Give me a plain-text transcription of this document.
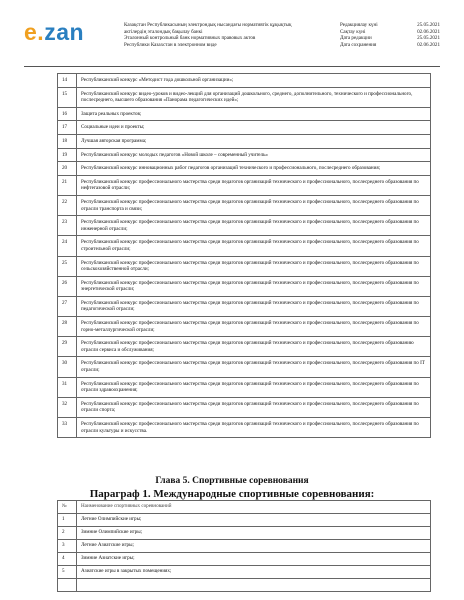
e.zan	Казақстан Республикасының электрондық нысандағы нормативтік құқықтық
актілердің эталондық бақылау банкі
Эталонный контрольный банк нормативных правовых актов
Республики Казахстан в электронном виде
Редакциялау күні	25.05.2021
Сақтау күні	02.06.2021
Дата редакции	25.05.2021
Дата сохранения	02.06.2021
14	Республиканский конкурс «Методист года дошкольной организации»;
15	Республиканский конкурс видео-уроков и видео-лекций для организаций дошкольного, среднего, дополнительного, технического и профессионального, послесреднего, высшего образования «Панорама педагогических идей»;
16	Защита реальных проектов;
17	Социальные идеи и проекты;
18	Лучшая авторская программа;
19	Республиканский конкурс молодых педагогов «Новой школе – современный учитель»
20	Республиканский конкурс инновационных работ педагогов организаций технического и профессионального, послесреднего образования;
21	Республиканский конкурс профессионального мастерства среди педагогов организаций технического и профессионального, послесреднего образования по нефтегазовой отрасли;
22	Республиканский конкурс профессионального мастерства среди педагогов организаций технического и профессионального, послесреднего образования по отрасли транспорта и связи;
23	Республиканский конкурс профессионального мастерства среди педагогов организаций технического и профессионального, послесреднего образования по инженерной отрасли;
24	Республиканский конкурс профессионального мастерства среди педагогов организаций технического и профессионального, послесреднего образования по строительной отрасли;
25	Республиканский конкурс профессионального мастерства среди педагогов организаций технического и профессионального, послесреднего образования по сельскохозяйственной отрасли;
26	Республиканский конкурс профессионального мастерства среди педагогов организаций технического и профессионального, послесреднего образования по энергетической отрасли;
27	Республиканский конкурс профессионального мастерства среди педагогов организаций технического и профессионального, послесреднего образования по педагогической отрасли;
28	Республиканский конкурс профессионального мастерства среди педагогов организаций технического и профессионального, послесреднего образования по горно-металлургической отрасли;
29	Республиканский конкурс профессионального мастерства среди педагогов организаций технического и профессионального, послесреднего образованию отрасли сервиса и обслуживания;
30	Республиканский конкурс профессионального мастерства среди педагогов организаций технического и профессионального, послесреднего образования по IT отрасли;
31	Республиканский конкурс профессионального мастерства среди педагогов организаций технического и профессионального, послесреднего образования по отрасли здравоохранения;
32	Республиканский конкурс профессионального мастерства среди педагогов организаций технического и профессионального, послесреднего образования по отрасли спорта;
33	Республиканский конкурс профессионального мастерства среди педагогов организаций технического и профессионального, послесреднего образования по отрасли культуры и искусства.
Глава 5. Спортивные соревнования
Параграф 1. Международные спортивные соревнования:
№	Наименование спортивных соревнований
1	Летние Олимпийские игры;
2	Зимние Олимпийские игры;
3	Летние Азиатские игры;
4	Зимние Азиатские игры;
5	Азиатские игры в закрытых помещениях;
